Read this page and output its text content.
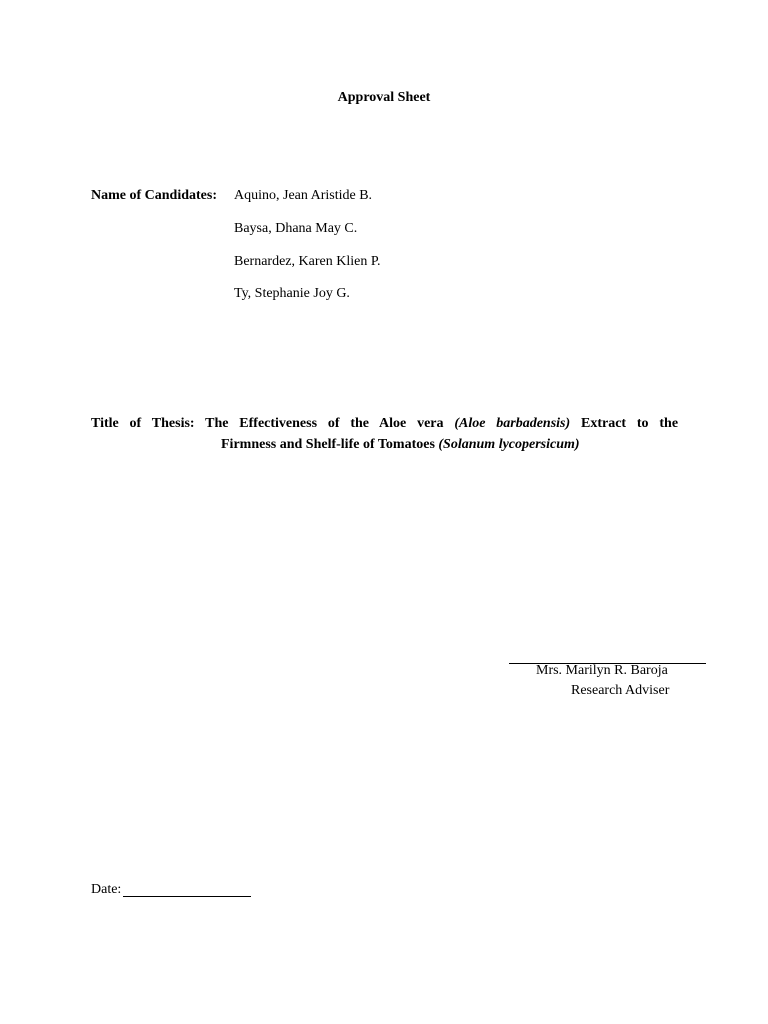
Approval Sheet
Name of Candidates: Aquino, Jean Aristide B.
Baysa, Dhana May C.
Bernardez, Karen Klien P.
Ty, Stephanie Joy G.
Title of Thesis: The Effectiveness of the Aloe vera (Aloe barbadensis) Extract to the
Firmness and Shelf-life of Tomatoes (Solanum lycopersicum)
Mrs. Marilyn R. Baroja
Research Adviser
Date:
